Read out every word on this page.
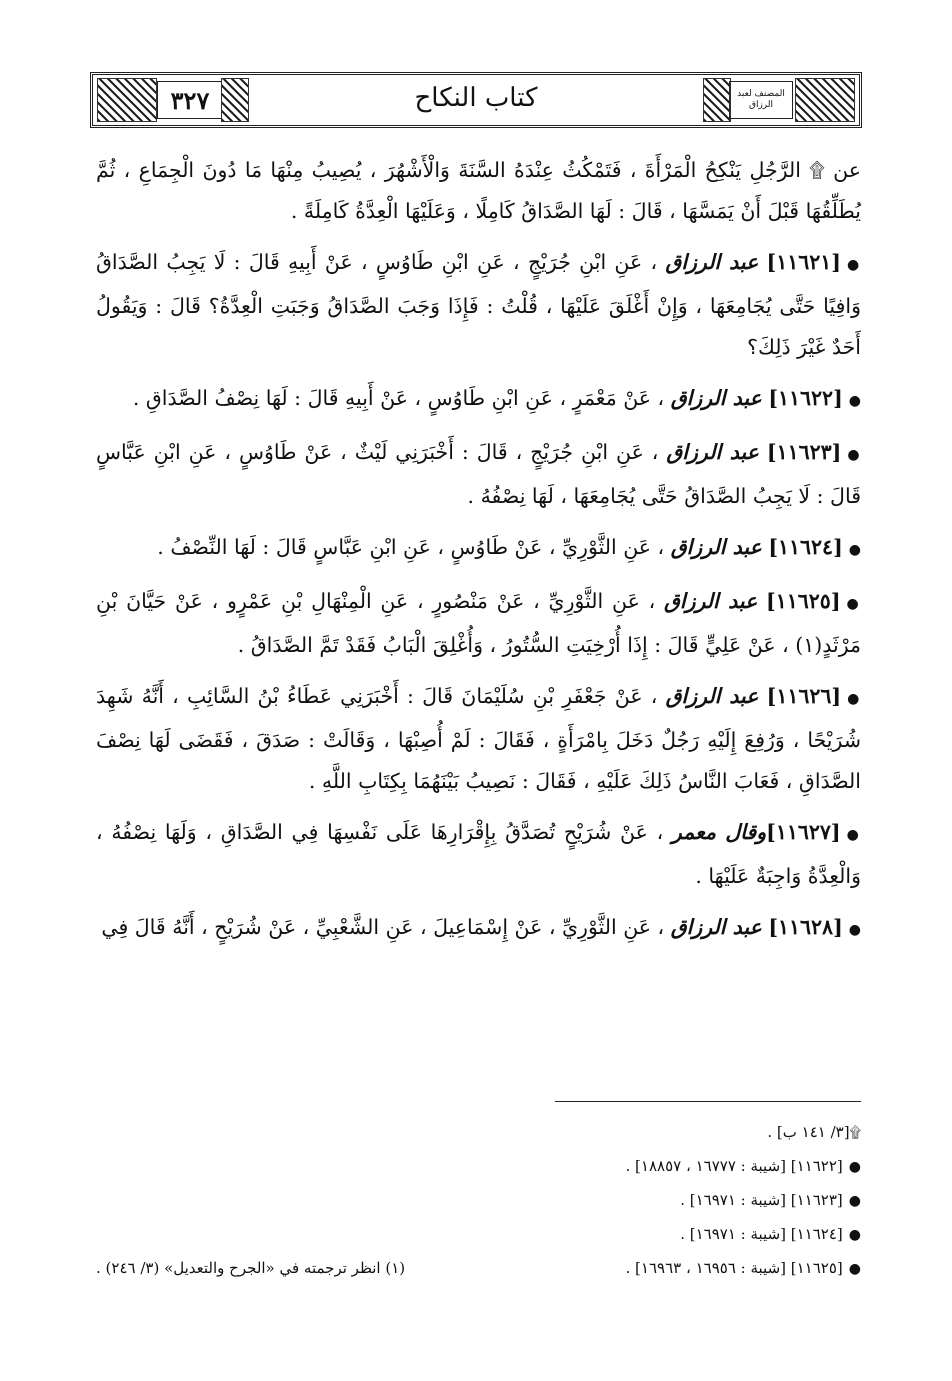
٣٢٧	كتاب النكاح	المصنف لعبد الرزاق
عن ۩ الرَّجُلِ يَنْكِحُ الْمَرْأَةَ ، فَتَمْكُثُ عِنْدَهُ السَّنَةَ وَالْأَشْهُرَ ، يُصِيبُ مِنْهَا مَا دُونَ الْجِمَاعِ ، ثُمَّ يُطَلِّقُهَا قَبْلَ أَنْ يَمَسَّهَا ، قَالَ : لَهَا الصَّدَاقُ كَامِلًا ، وَعَلَيْهَا الْعِدَّةُ كَامِلَةً .
●[١١٦٢١] عبد الرزاق ، عَنِ ابْنِ جُرَيْجٍ ، عَنِ ابْنِ طَاوُسٍ ، عَنْ أَبِيهِ قَالَ : لَا يَجِبُ الصَّدَاقُ وَافِيًا حَتَّى يُجَامِعَهَا ، وَإِنْ أَغْلَقَ عَلَيْهَا ، قُلْتُ : فَإِذَا وَجَبَ الصَّدَاقُ وَجَبَتِ الْعِدَّةُ؟ قَالَ : وَيَقُولُ أَحَدٌ غَيْرَ ذَلِكَ؟
●[١١٦٢٢] عبد الرزاق ، عَنْ مَعْمَرٍ ، عَنِ ابْنِ طَاوُسٍ ، عَنْ أَبِيهِ قَالَ : لَهَا نِصْفُ الصَّدَاقِ .
●[١١٦٢٣] عبد الرزاق ، عَنِ ابْنِ جُرَيْجٍ ، قَالَ : أَخْبَرَنِي لَيْثٌ ، عَنْ طَاوُسٍ ، عَنِ ابْنِ عَبَّاسٍ قَالَ : لَا يَجِبُ الصَّدَاقُ حَتَّى يُجَامِعَهَا ، لَهَا نِصْفُهُ .
●[١١٦٢٤] عبد الرزاق ، عَنِ الثَّوْرِيِّ ، عَنْ طَاوُسٍ ، عَنِ ابْنِ عَبَّاسٍ قَالَ : لَهَا النِّصْفُ .
●[١١٦٢٥] عبد الرزاق ، عَنِ الثَّوْرِيِّ ، عَنْ مَنْصُورٍ ، عَنِ الْمِنْهَالِ بْنِ عَمْرٍو ، عَنْ حَيَّانَ بْنِ مَرْثَدٍ(١) ، عَنْ عَلِيٍّ قَالَ : إِذَا أُرْخِيَتِ السُّتُورُ ، وَأُغْلِقَ الْبَابُ فَقَدْ تَمَّ الصَّدَاقُ .
●[١١٦٢٦] عبد الرزاق ، عَنْ جَعْفَرِ بْنِ سُلَيْمَانَ قَالَ : أَخْبَرَنِي عَطَاءُ بْنُ السَّائِبِ ، أَنَّهُ شَهِدَ شُرَيْحًا ، وَرُفِعَ إِلَيْهِ رَجُلٌ دَخَلَ بِامْرَأَةٍ ، فَقَالَ : لَمْ أُصِبْهَا ، وَقَالَتْ : صَدَقَ ، فَقَضَى لَهَا نِصْفَ الصَّدَاقِ ، فَعَابَ النَّاسُ ذَلِكَ عَلَيْهِ ، فَقَالَ : نَصِيبُ بَيْنَهُمَا بِكِتَابِ اللَّهِ .
●[١١٦٢٧]وقال معمر ، عَنْ شُرَيْحٍ تُصَدَّقُ بِإِقْرَارِهَا عَلَى نَفْسِهَا فِي الصَّدَاقِ ، وَلَهَا نِصْفُهُ ، وَالْعِدَّةُ وَاجِبَةٌ عَلَيْهَا .
●[١١٦٢٨] عبد الرزاق ، عَنِ الثَّوْرِيِّ ، عَنْ إِسْمَاعِيلَ ، عَنِ الشَّعْبِيِّ ، عَنْ شُرَيْحٍ ، أَنَّهُ قَالَ فِي
۩[٣/ ١٤١ ب] .
●[١١٦٢٢] [شيبة : ١٦٧٧٧ ، ١٨٨٥٧] .
●[١١٦٢٣] [شيبة : ١٦٩٧١] .
●[١١٦٢٤] [شيبة : ١٦٩٧١] .
●[١١٦٢٥] [شيبة : ١٦٩٥٦ ، ١٦٩٦٣] .
(١) انظر ترجمته في «الجرح والتعديل» (٣/ ٢٤٦) .
